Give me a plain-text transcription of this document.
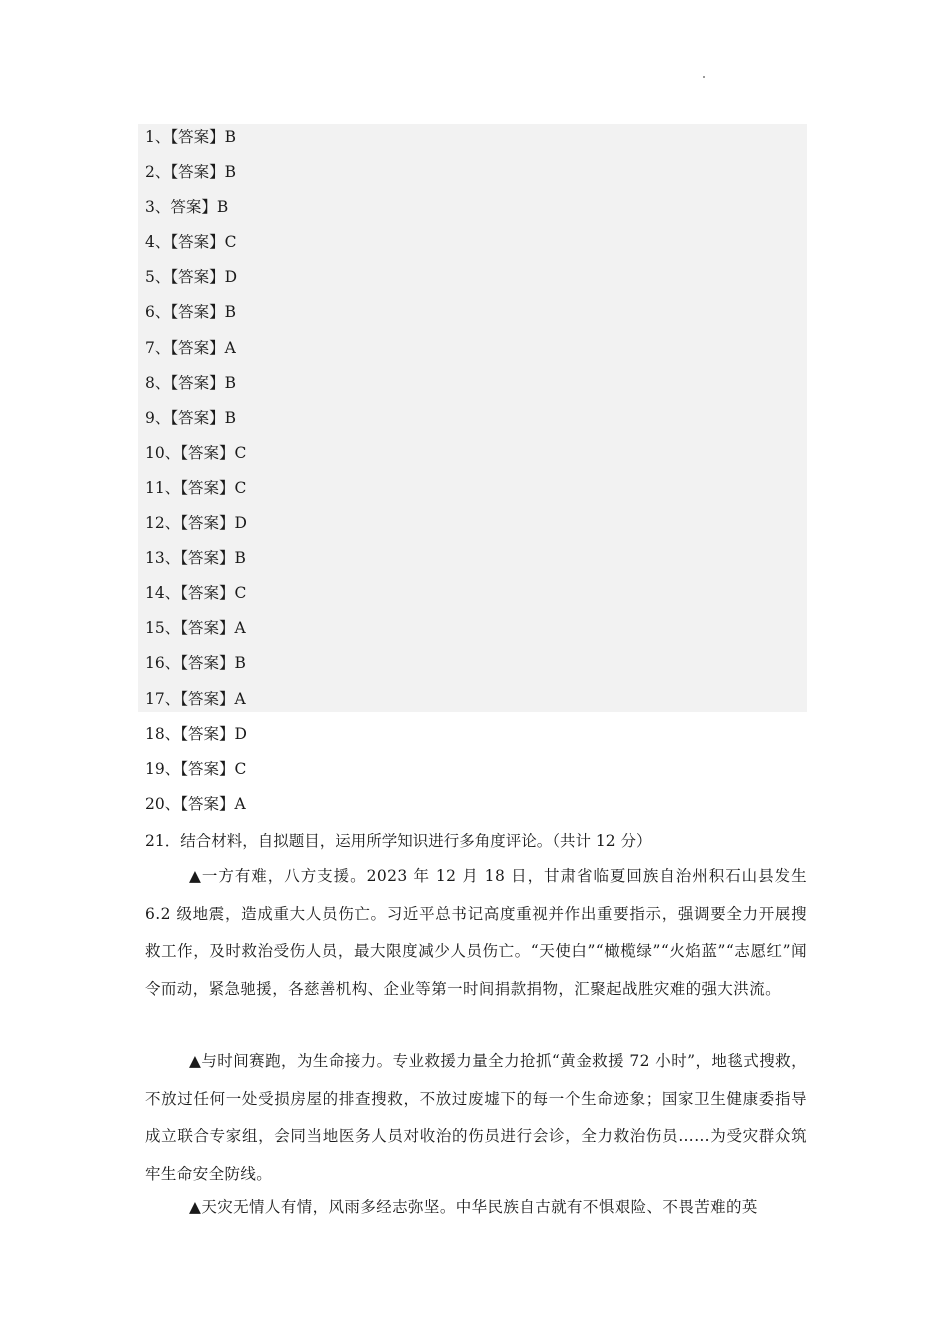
1、【答案】B
2、【答案】B
3、答案】B
4、【答案】C
5、【答案】D
6、【答案】B
7、【答案】A
8、【答案】B
9、【答案】B
10、【答案】C
11、【答案】C
12、【答案】D
13、【答案】B
14、【答案】C
15、【答案】A
16、【答案】B
17、【答案】A
18、【答案】D
19、【答案】C
20、【答案】A
21．结合材料，自拟题目，运用所学知识进行多角度评论。（共计 12 分）
▲一方有难，八方支援。2023 年 12 月 18 日，甘肃省临夏回族自治州积石山县发生 6.2 级地震，造成重大人员伤亡。习近平总书记高度重视并作出重要指示，强调要全力开展搜救工作，及时救治受伤人员，最大限度减少人员伤亡。“天使白”“橄榄绿”“火焰蓝”“志愿红”闻令而动，紧急驰援，各慈善机构、企业等第一时间捐款捐物，汇聚起战胜灾难的强大洪流。
▲与时间赛跑，为生命接力。专业救援力量全力抢抓“黄金救援 72 小时”，地毯式搜救，不放过任何一处受损房屋的排查搜救，不放过废墟下的每一个生命迹象；国家卫生健康委指导成立联合专家组，会同当地医务人员对收治的伤员进行会诊，全力救治伤员……为受灾群众筑牢生命安全防线。
▲天灾无情人有情，风雨多经志弥坚。中华民族自古就有不惧艰险、不畏苦难的英
